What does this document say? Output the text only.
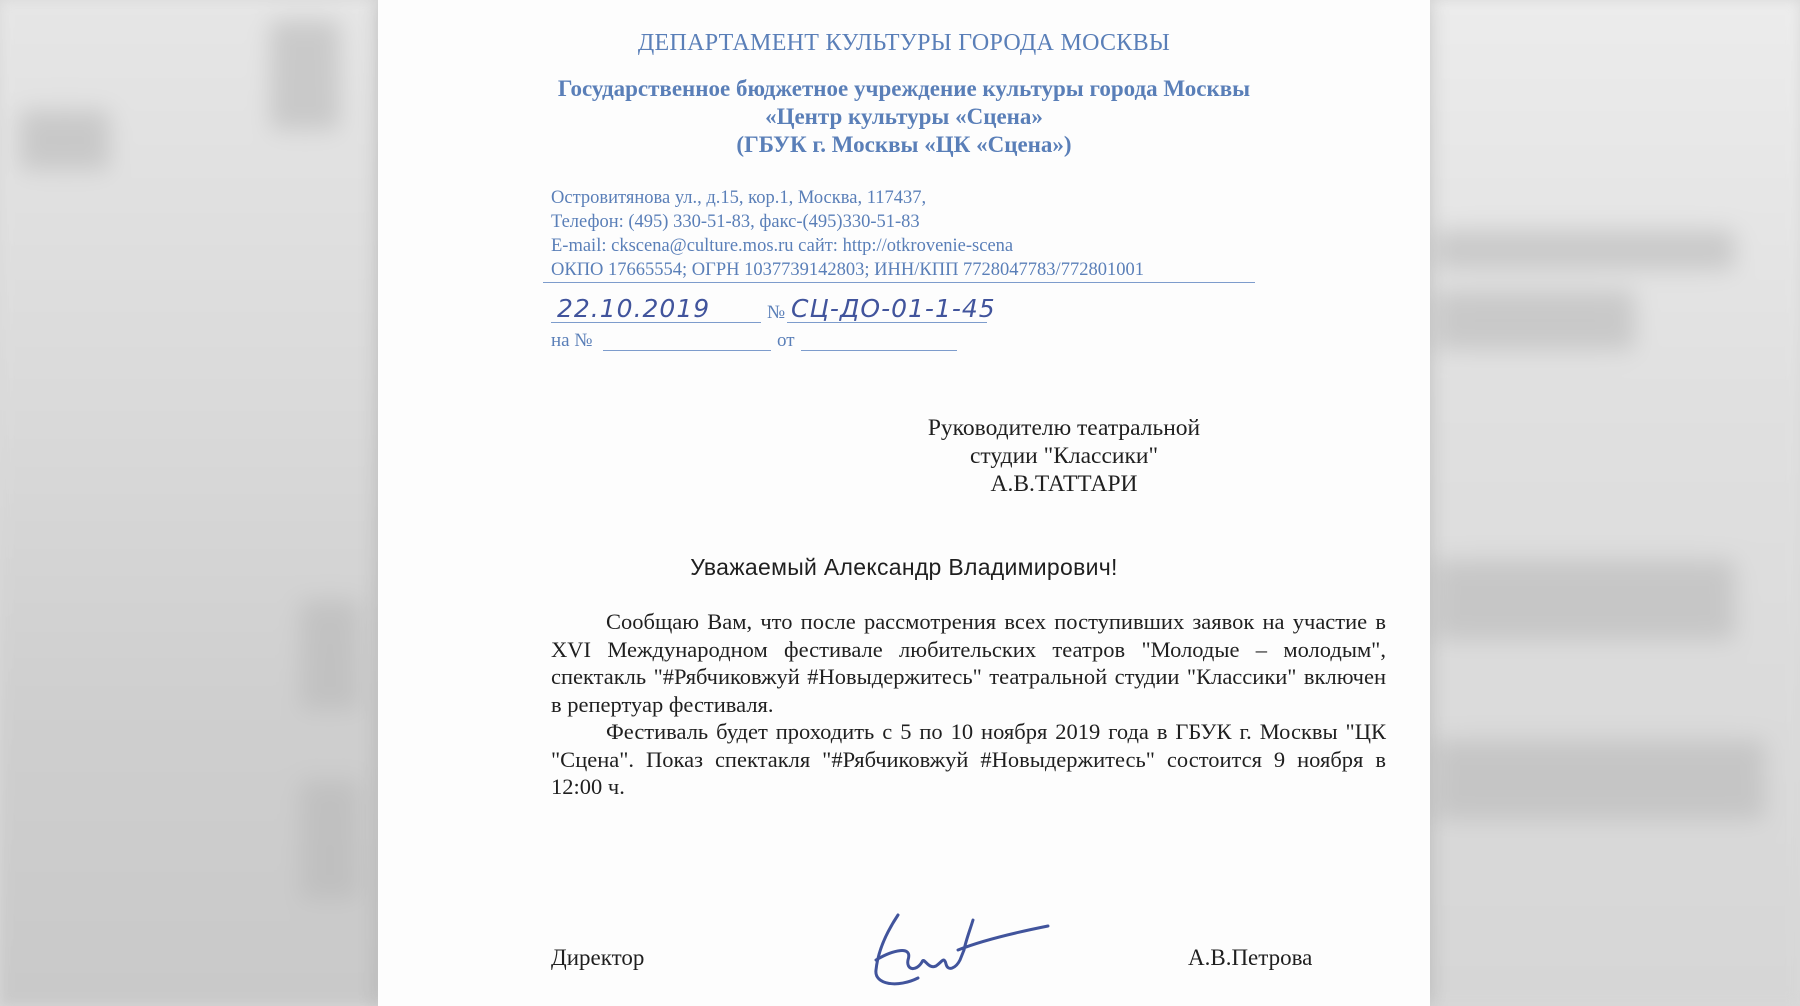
ДЕПАРТАМЕНТ КУЛЬТУРЫ ГОРОДА МОСКВЫ
Государственное бюджетное учреждение культуры города Москвы
«Центр культуры «Сцена»
(ГБУК г. Москвы «ЦК «Сцена»)
Островитянова ул., д.15, кор.1, Москва, 117437,
Телефон: (495) 330-51-83, факс-(495)330-51-83
E-mail: ckscena@culture.mos.ru сайт: http://otkrovenie-scena
ОКПО 17665554; ОГРН 1037739142803; ИНН/КПП 7728047783/772801001
22.10.2019	№ СЦ-ДО-01-1-45
на №	от
Руководителю театральной
студии "Классики"
А.В.ТАТТАРИ
Уважаемый Александр Владимирович!

Сообщаю Вам, что после рассмотрения всех поступивших заявок на участие в XVI Международном фестивале любительских театров "Молодые – молодым", спектакль "#Рябчиковжуй #Новыдержитесь" театральной студии "Классики" включен в репертуар фестиваля.

Фестиваль будет проходить с 5 по 10 ноября 2019 года в ГБУК г. Москвы "ЦК "Сцена". Показ спектакля "#Рябчиковжуй #Новыдержитесь" состоится 9 ноября в 12:00 ч.

Директор	А.В.Петрова
